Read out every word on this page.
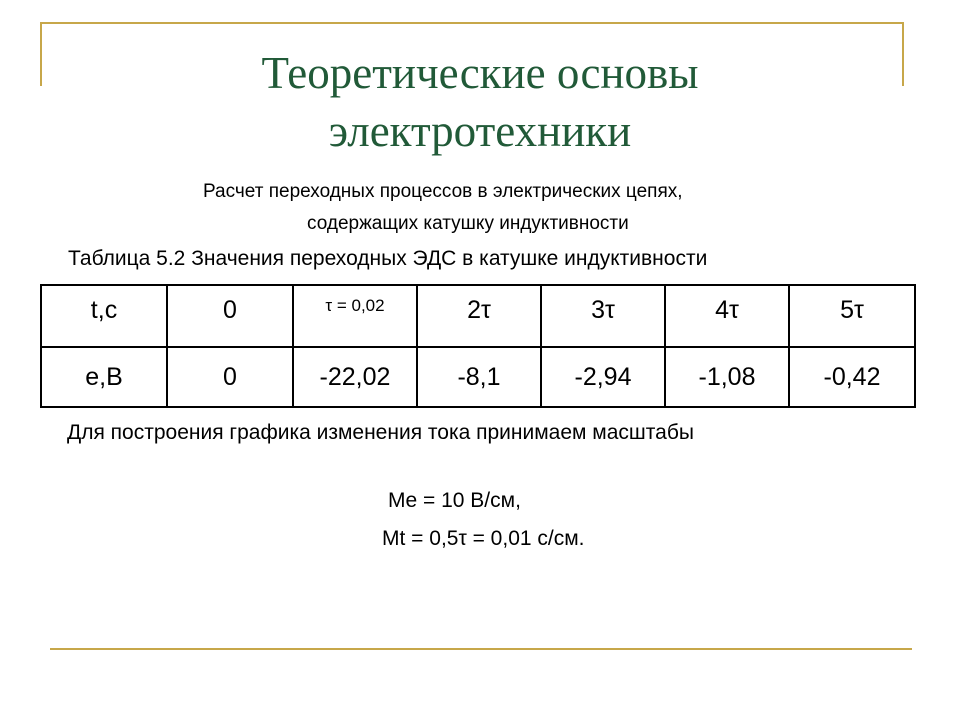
Теоретические основы электротехники
Расчет переходных процессов в электрических цепях,
содержащих катушку индуктивности
Таблица 5.2 Значения переходных ЭДС в катушке индуктивности
t,c	0	τ = 0,02	2τ	3τ	4τ	5τ
e,B	0	-22,02	-8,1	-2,94	-1,08	-0,42
Для построения графика изменения тока принимаем масштабы
Me = 10 В/см,
Mt = 0,5τ = 0,01 с/см.
